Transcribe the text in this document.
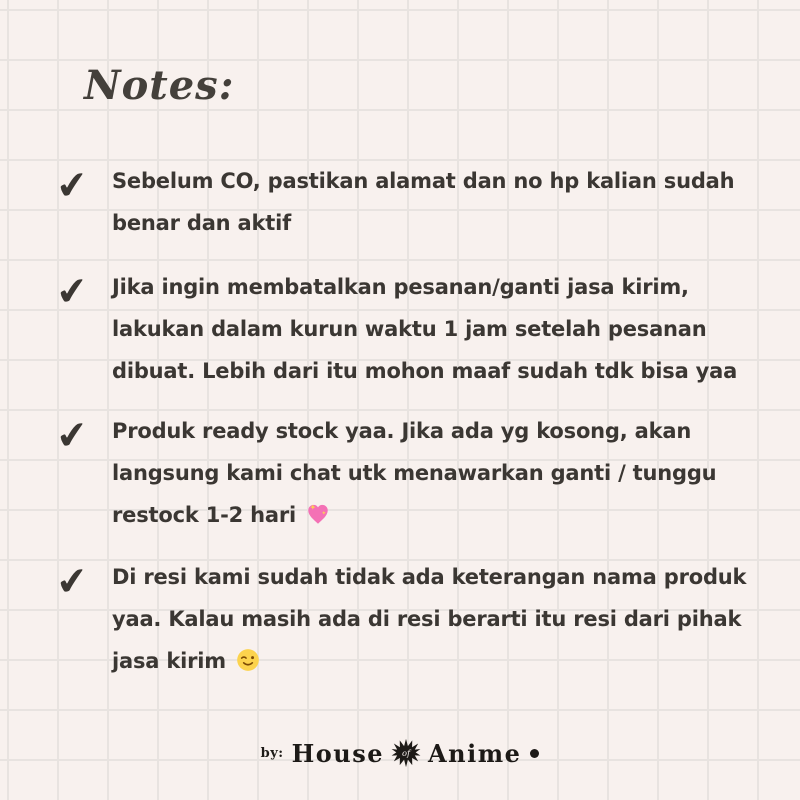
Notes:
✔	Sebelum CO, pastikan alamat dan no hp kalian sudah
benar dan aktif
✔	Jika ingin membatalkan pesanan/ganti jasa kirim,
lakukan dalam kurun waktu 1 jam setelah pesanan
dibuat. Lebih dari itu mohon maaf sudah tdk bisa yaa
✔	Produk ready stock yaa. Jika ada yg kosong, akan
langsung kami chat utk menawarkan ganti / tunggu
restock 1-2 hari
✔	Di resi kami sudah tidak ada keterangan nama produk
yaa. Kalau masih ada di resi berarti itu resi dari pihak
jasa kirim
by: House of Anime
